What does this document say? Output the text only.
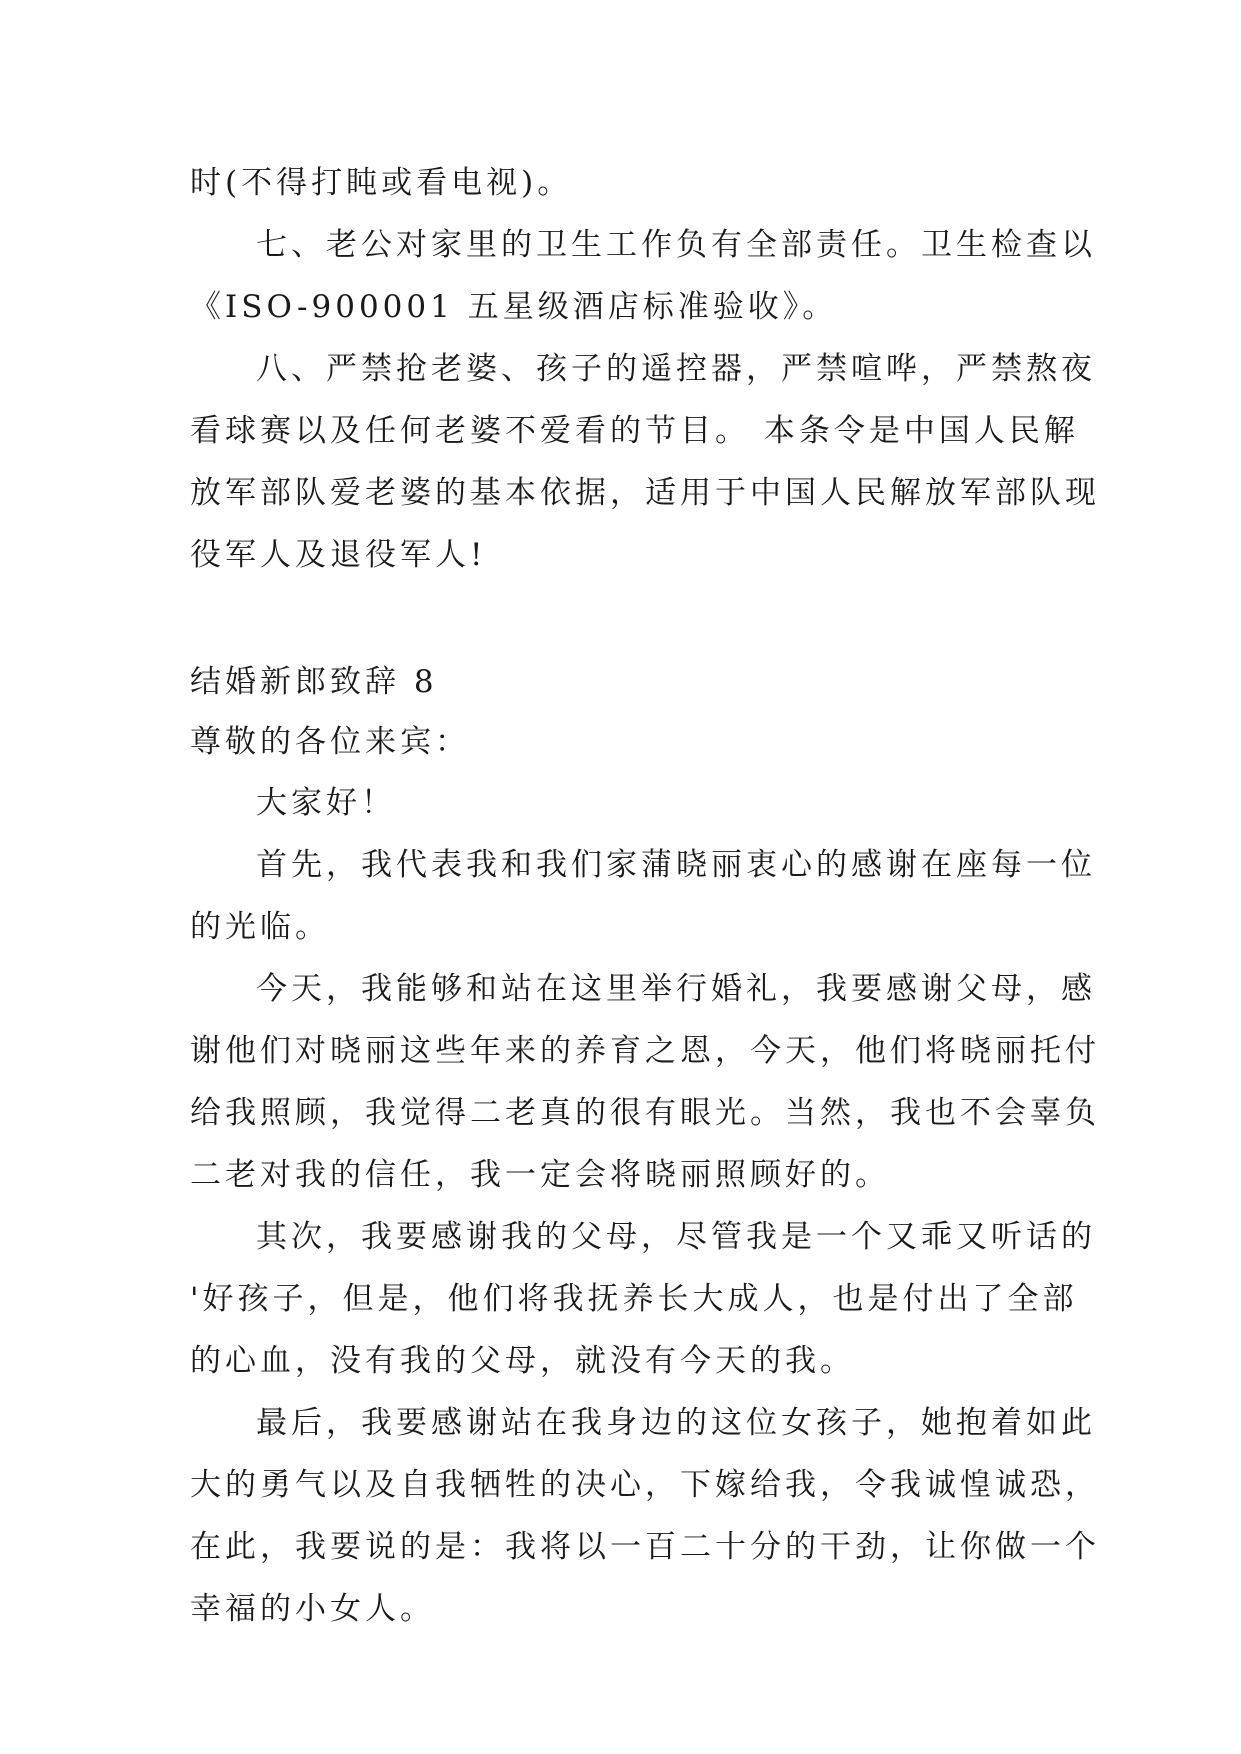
时(不得打盹或看电视)。
七、老公对家里的卫生工作负有全部责任。卫生检查以
《ISO-900001 五星级酒店标准验收》。
八、严禁抢老婆、孩子的遥控器，严禁喧哗，严禁熬夜
看球赛以及任何老婆不爱看的节目。 本条令是中国人民解
放军部队爱老婆的基本依据，适用于中国人民解放军部队现
役军人及退役军人!
结婚新郎致辞 8
尊敬的各位来宾：
大家好！
首先，我代表我和我们家蒲晓丽衷心的感谢在座每一位
的光临。
今天，我能够和站在这里举行婚礼，我要感谢父母，感
谢他们对晓丽这些年来的养育之恩，今天，他们将晓丽托付
给我照顾，我觉得二老真的很有眼光。当然，我也不会辜负
二老对我的信任，我一定会将晓丽照顾好的。
其次，我要感谢我的父母，尽管我是一个又乖又听话的
'好孩子，但是，他们将我抚养长大成人，也是付出了全部
的心血，没有我的父母，就没有今天的我。
最后，我要感谢站在我身边的这位女孩子，她抱着如此
大的勇气以及自我牺牲的决心，下嫁给我，令我诚惶诚恐，
在此，我要说的是：我将以一百二十分的干劲，让你做一个
幸福的小女人。
